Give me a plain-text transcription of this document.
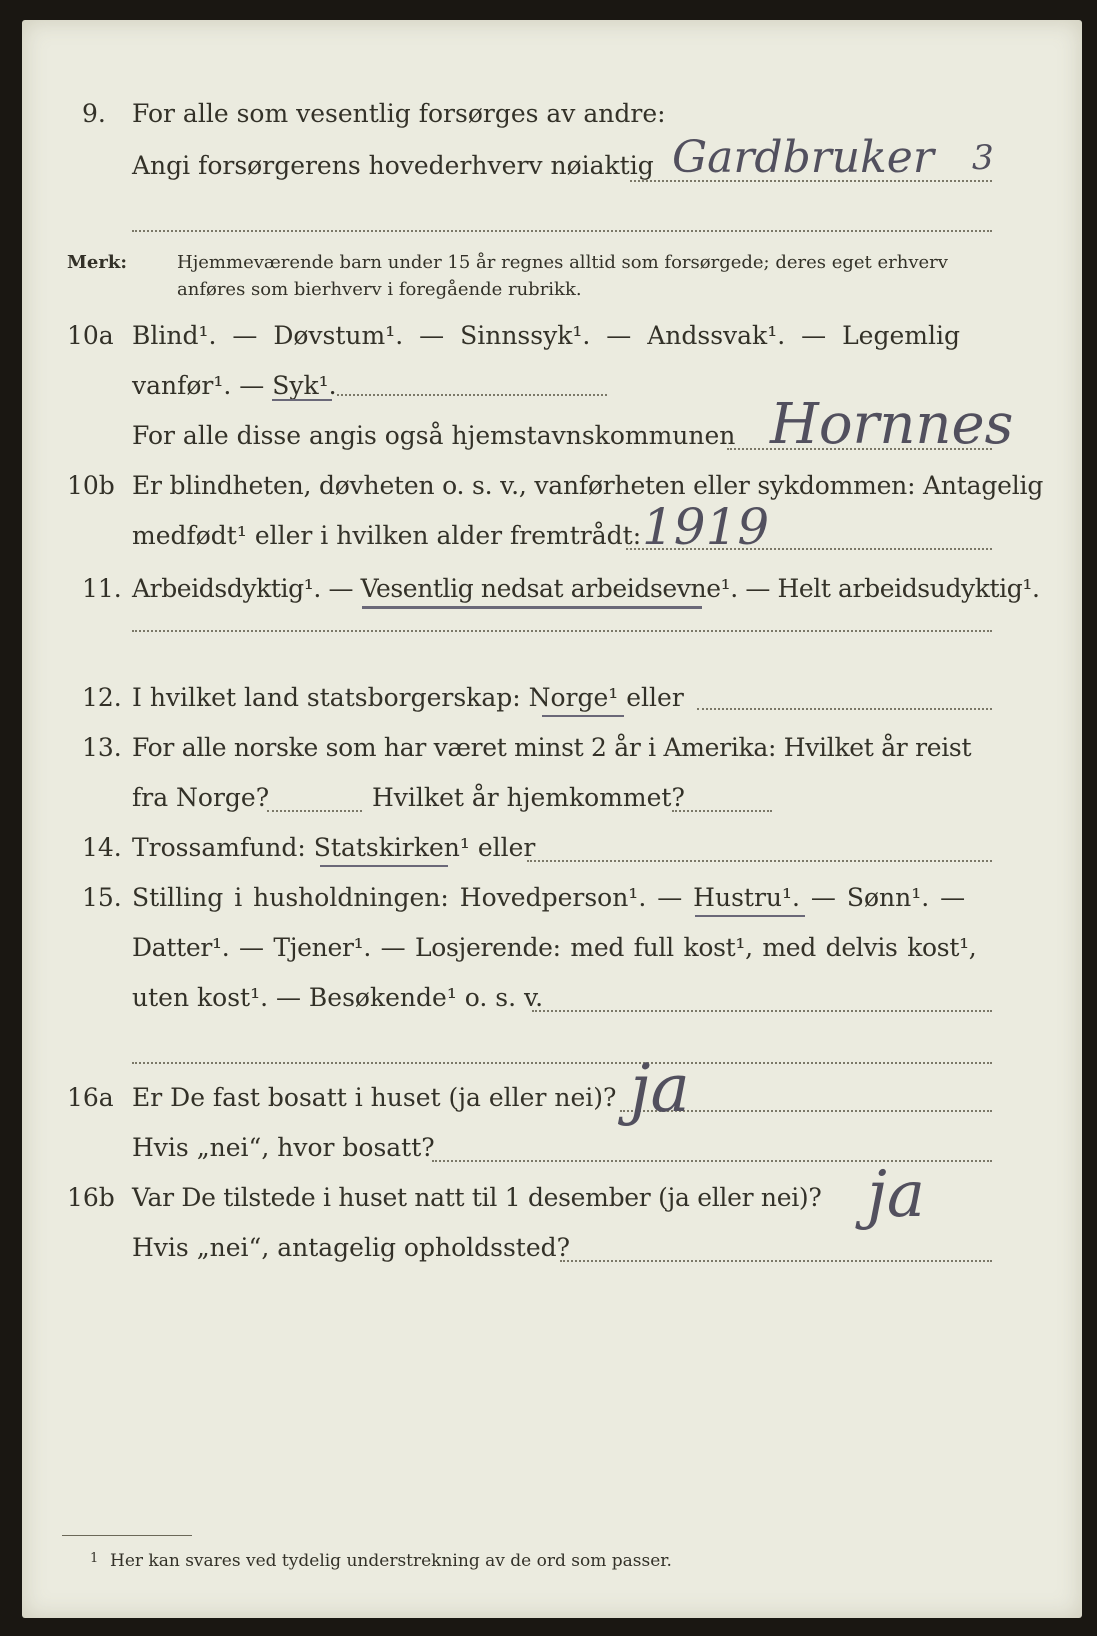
9. For alle som vesentlig forsørges av andre:
Angi forsørgerens hovederhverv nøiaktig Gardbruker 3
Merk:	Hjemmeværende barn under 15 år regnes alltid som forsørgede; deres eget erhverv
anføres som bierhverv i foregående rubrikk.
10a Blind¹. — Døvstum¹. — Sinnssyk¹. — Andssvak¹. — Legemlig
vanfør¹. — Syk¹.
For alle disse angis også hjemstavnskommunen Hornnes
10b Er blindheten, døvheten o. s. v., vanførheten eller sykdommen: Antagelig
medfødt¹ eller i hvilken alder fremtrådt: 1919
11. Arbeidsdyktig¹. — Vesentlig nedsat arbeidsevne¹. — Helt arbeidsudyktig¹.
12. I hvilket land statsborgerskap: Norge¹ eller
13. For alle norske som har været minst 2 år i Amerika: Hvilket år reist
fra Norge?	Hvilket år hjemkommet?
14. Trossamfund: Statskirken¹ eller
15. Stilling i husholdningen: Hovedperson¹. — Hustru¹. — Sønn¹. —
Datter¹. — Tjener¹. — Losjerende: med full kost¹, med delvis kost¹,
uten kost¹. — Besøkende¹ o. s. v.
16a Er De fast bosatt i huset (ja eller nei)? ja
Hvis „nei“, hvor bosatt?
16b Var De tilstede i huset natt til 1 desember (ja eller nei)? ja
Hvis „nei“, antagelig opholdssted?
1 Her kan svares ved tydelig understrekning av de ord som passer.
